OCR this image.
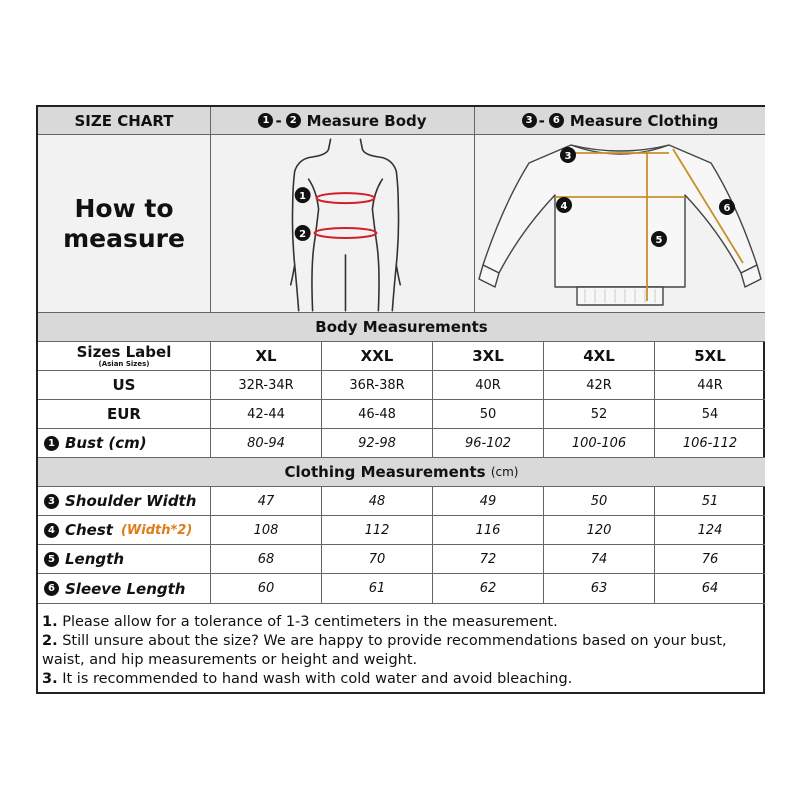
SIZE CHART	1 - 2 Measure Body	3 - 6 Measure Clothing
How to
measure
1
2
3
4
5
6
Body Measurements
Sizes Label
(Asian Sizes)	XL	XXL	3XL	4XL	5XL
US	32R-34R	36R-38R	40R	42R	44R
EUR	42-44	46-48	50	52	54
1 Bust (cm)	80-94	92-98	96-102	100-106	106-112
Clothing Measurements
(cm)
3 Shoulder Width	47	48	49	50	51
4 Chest (Width*2)	108	112	116	120	124
5 Length	68	70	72	74	76
6 Sleeve Length	60	61	62	63	64
1. Please allow for a tolerance of 1-3 centimeters in the measurement.
2. Still unsure about the size? We are happy to provide recommendations based on your bust, waist, and hip measurements or height and weight.
3. It is recommended to hand wash with cold water and avoid bleaching.
